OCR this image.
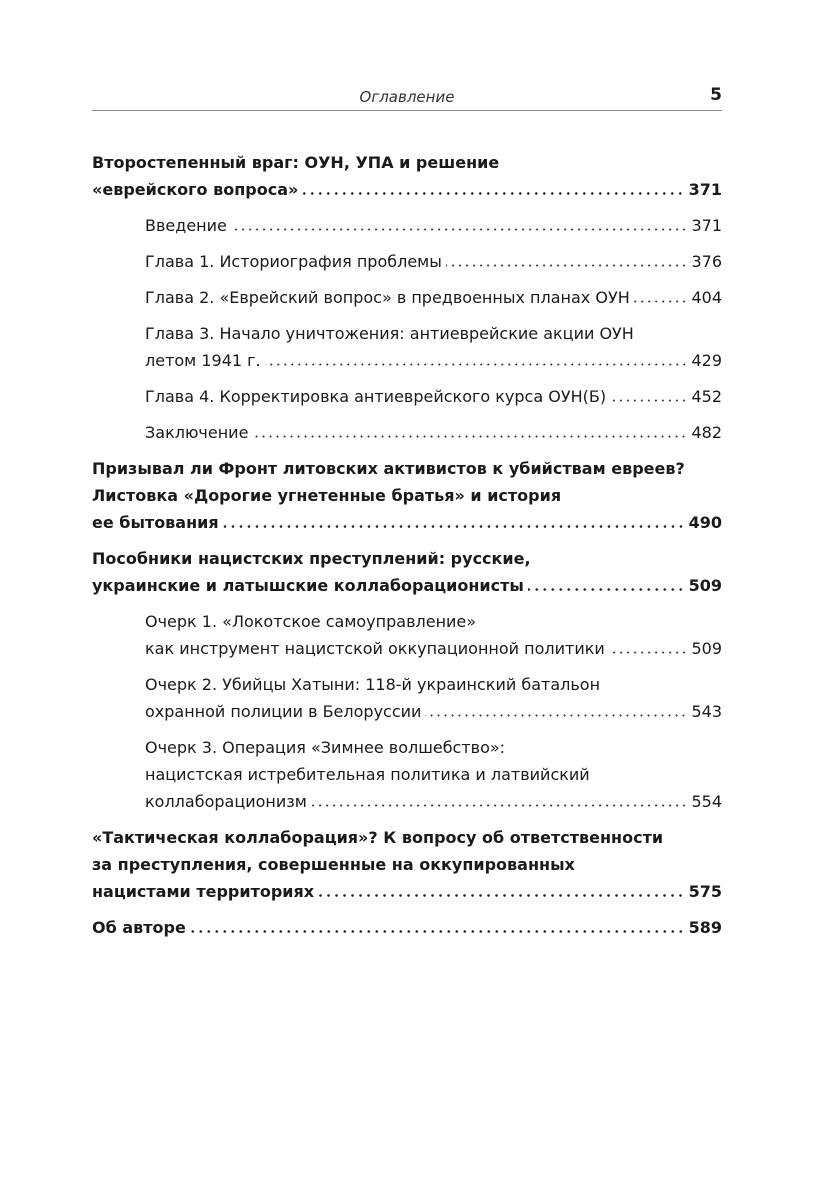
Оглавление	5
Второстепенный враг: ОУН, УПА и решение
«еврейского вопроса»	371
Введение	371
Глава 1. Историография проблемы	376
Глава 2. «Еврейский вопрос» в предвоенных планах ОУН	404
Глава 3. Начало уничтожения: антиеврейские акции ОУН
летом 1941 г.	429
Глава 4. Корректировка антиеврейского курса ОУН(Б)	452
Заключение	482
Призывал ли Фронт литовских активистов к убийствам евреев?
Листовка «Дорогие угнетенные братья» и история
ее бытования	490
Пособники нацистских преступлений: русские,
украинские и латышские коллаборационисты	509
Очерк 1. «Локотское самоуправление»
как инструмент нацистской оккупационной политики	509
Очерк 2. Убийцы Хатыни: 118-й украинский батальон
охранной полиции в Белоруссии	543
Очерк 3. Операция «Зимнее волшебство»:
нацистская истребительная политика и латвийский
коллаборационизм	554
«Тактическая коллаборация»? К вопросу об ответственности
за преступления, совершенные на оккупированных
нацистами территориях	575
Об авторе	589
